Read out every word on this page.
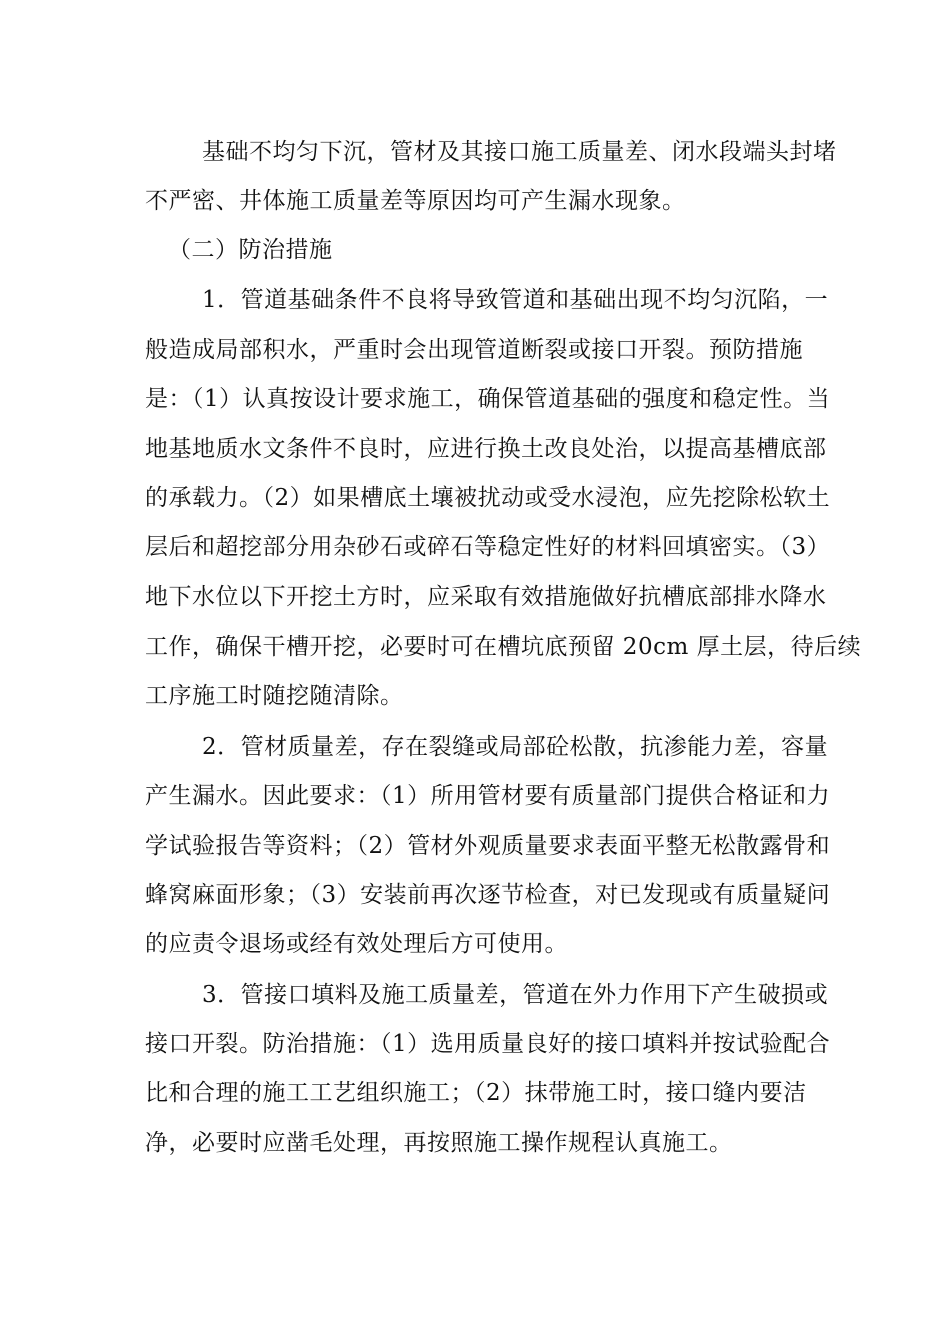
基础不均匀下沉，管材及其接口施工质量差、闭水段端头封堵
不严密、井体施工质量差等原因均可产生漏水现象。
（二）防治措施
1．管道基础条件不良将导致管道和基础出现不均匀沉陷，一
般造成局部积水，严重时会出现管道断裂或接口开裂。预防措施
是：（1）认真按设计要求施工，确保管道基础的强度和稳定性。当
地基地质水文条件不良时，应进行换土改良处治，以提高基槽底部
的承载力。（2）如果槽底土壤被扰动或受水浸泡，应先挖除松软土
层后和超挖部分用杂砂石或碎石等稳定性好的材料回填密实。（3）
地下水位以下开挖土方时，应采取有效措施做好抗槽底部排水降水
工作，确保干槽开挖，必要时可在槽坑底预留 20cm 厚土层，待后续
工序施工时随挖随清除。
2．管材质量差，存在裂缝或局部砼松散，抗渗能力差，容量
产生漏水。因此要求：（1）所用管材要有质量部门提供合格证和力
学试验报告等资料；（2）管材外观质量要求表面平整无松散露骨和
蜂窝麻面形象；（3）安装前再次逐节检查，对已发现或有质量疑问
的应责令退场或经有效处理后方可使用。
3．管接口填料及施工质量差，管道在外力作用下产生破损或
接口开裂。防治措施：（1）选用质量良好的接口填料并按试验配合
比和合理的施工工艺组织施工；（2）抹带施工时，接口缝内要洁
净，必要时应凿毛处理，再按照施工操作规程认真施工。
